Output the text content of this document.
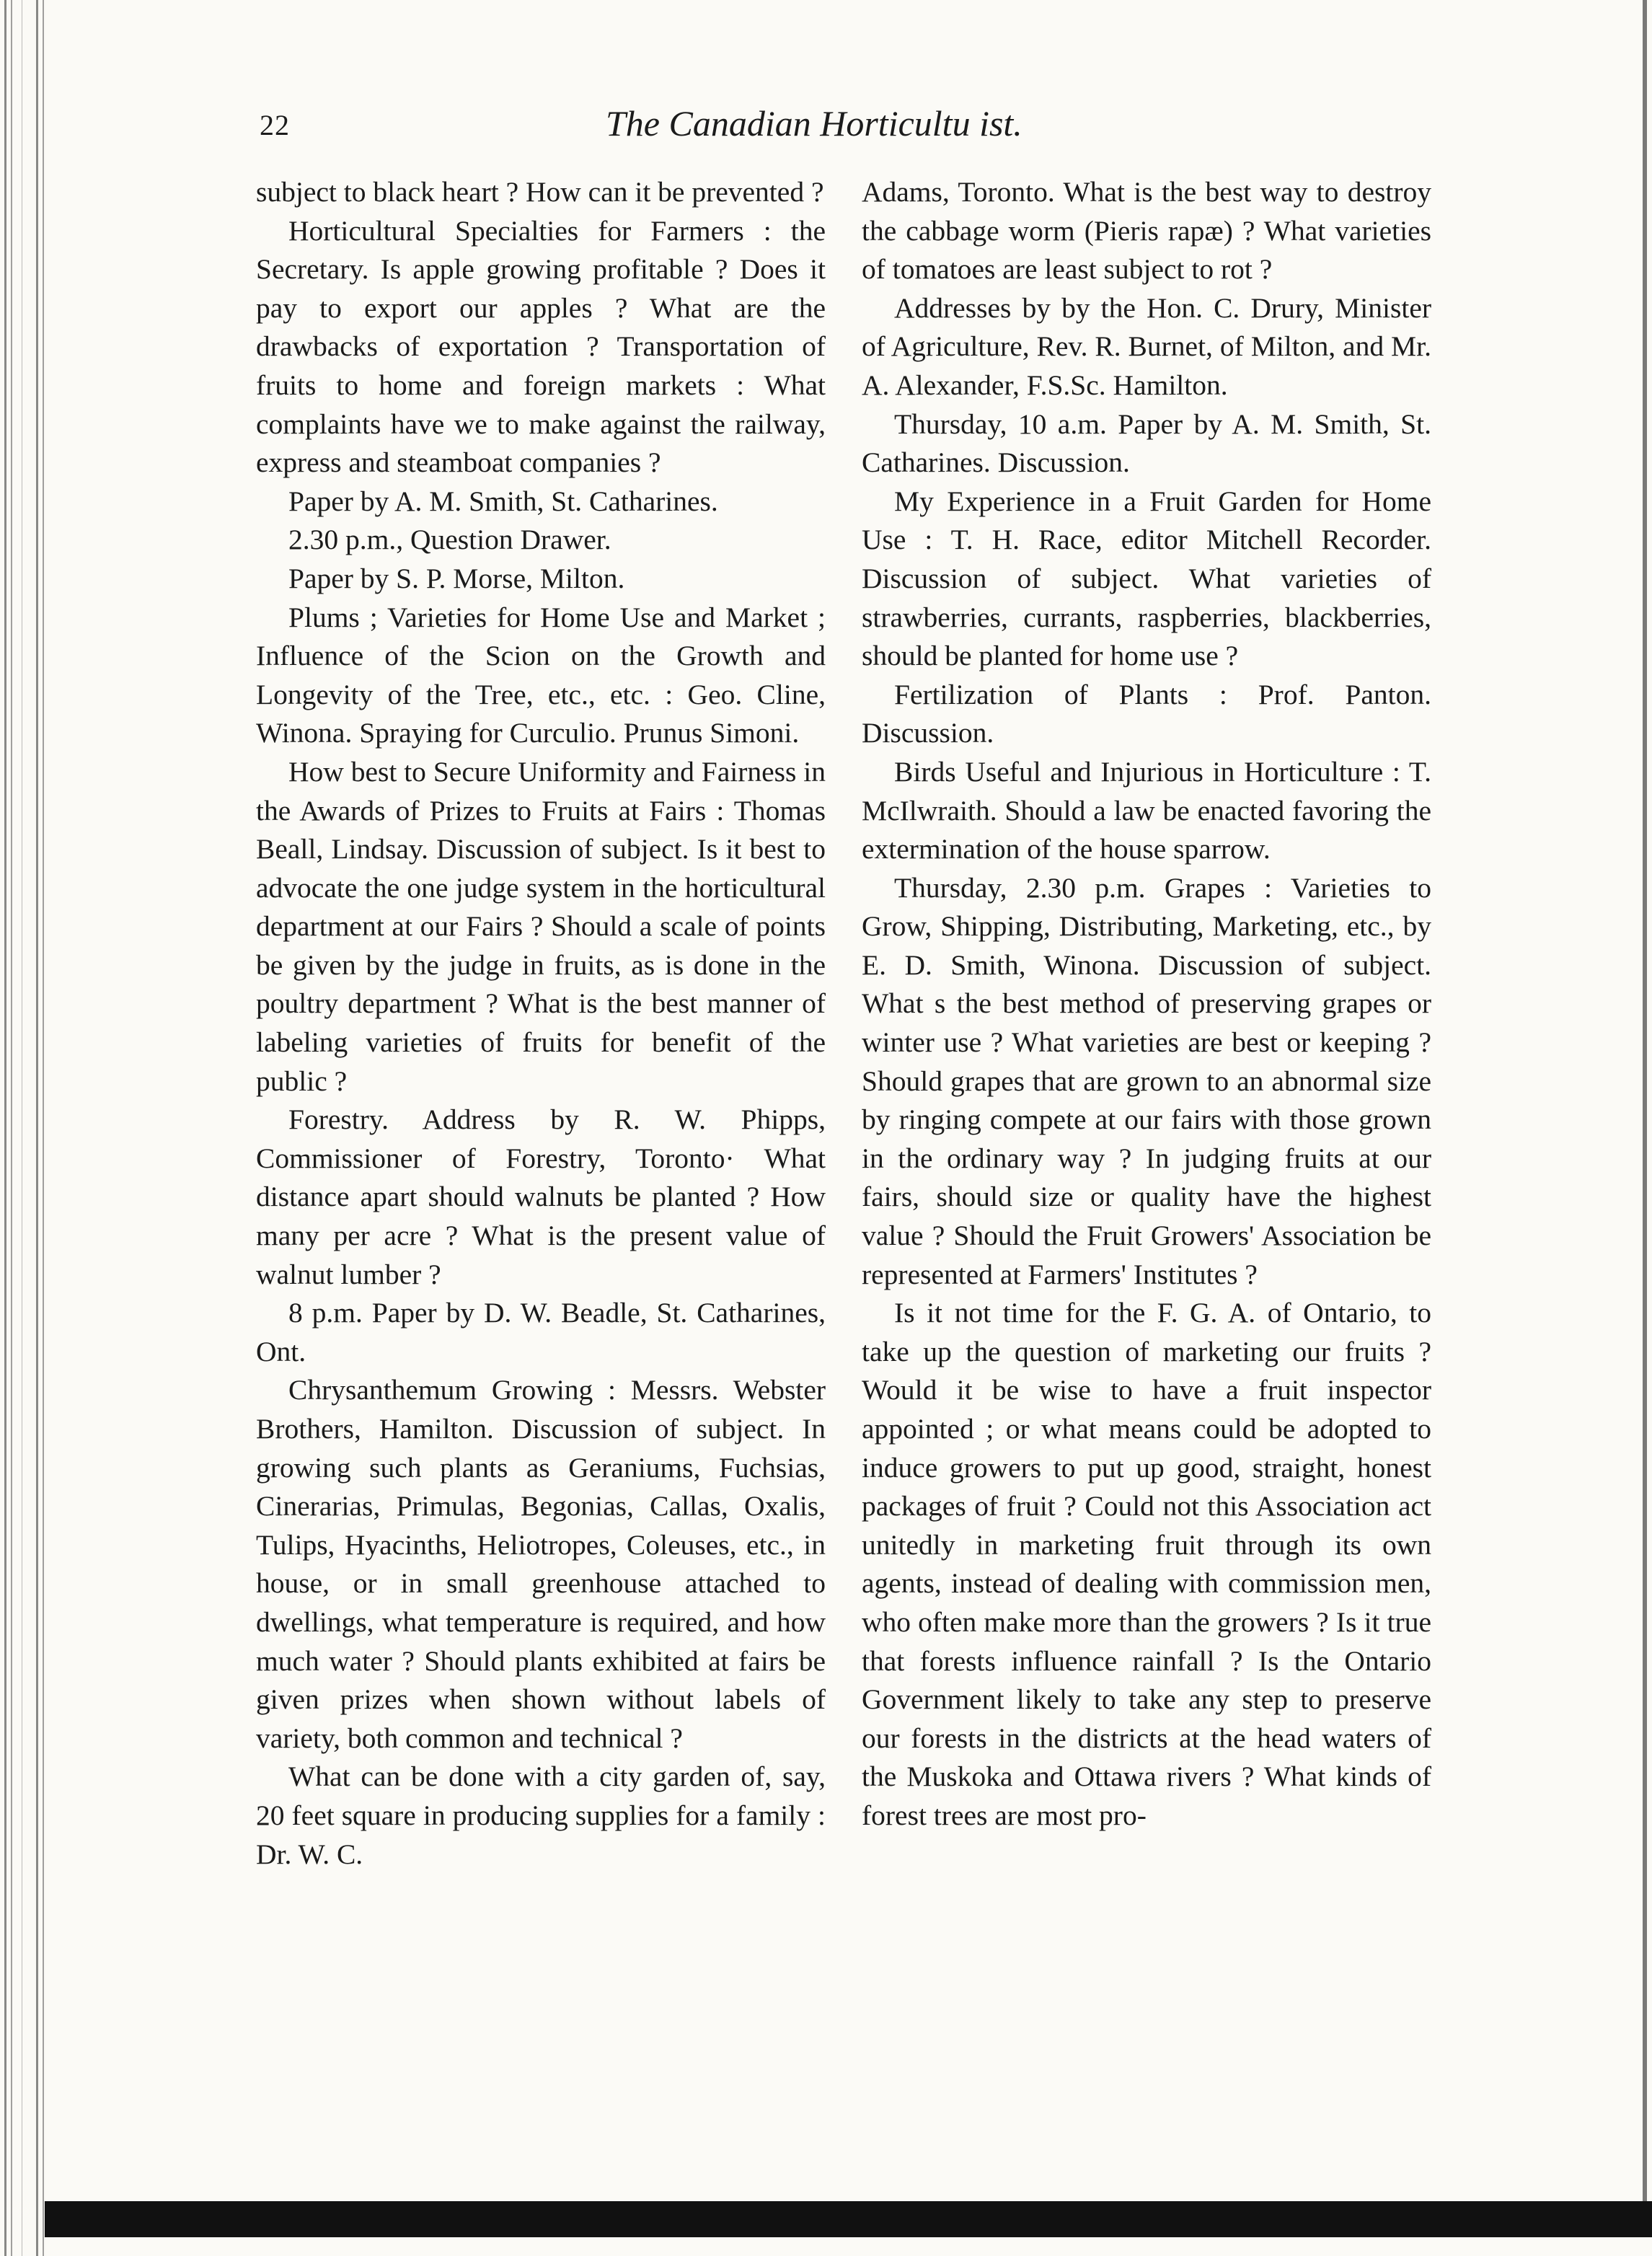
22	The Canadian Horticultu ist.

subject to black heart ? How can it be prevented ?

Horticultural Specialties for Farmers : the Secretary. Is apple growing profitable ? Does it pay to export our apples ? What are the drawbacks of exportation ? Transportation of fruits to home and foreign markets : What complaints have we to make against the railway, express and steamboat companies ?

Paper by A. M. Smith, St. Catharines.

2.30 p.m., Question Drawer.

Paper by S. P. Morse, Milton.

Plums ; Varieties for Home Use and Market ; Influence of the Scion on the Growth and Longevity of the Tree, etc., etc. : Geo. Cline, Winona. Spraying for Curculio. Prunus Simoni.

How best to Secure Uniformity and Fairness in the Awards of Prizes to Fruits at Fairs : Thomas Beall, Lindsay. Discussion of subject. Is it best to advocate the one judge system in the horticultural department at our Fairs ? Should a scale of points be given by the judge in fruits, as is done in the poultry department ? What is the best manner of labeling varieties of fruits for benefit of the public ?

Forestry. Address by R. W. Phipps, Commissioner of Forestry, Toronto· What distance apart should walnuts be planted ? How many per acre ? What is the present value of walnut lumber ?

8 p.m. Paper by D. W. Beadle, St. Catharines, Ont.

Chrysanthemum Growing : Messrs. Webster Brothers, Hamilton. Discussion of subject. In growing such plants as Geraniums, Fuchsias, Cinerarias, Primulas, Begonias, Callas, Oxalis, Tulips, Hyacinths, Heliotropes, Coleuses, etc., in house, or in small greenhouse attached to dwellings, what temperature is required, and how much water ? Should plants exhibited at fairs be given prizes when shown without labels of variety, both common and technical ?

What can be done with a city garden of, say, 20 feet square in producing supplies for a family : Dr. W. C.

Adams, Toronto. What is the best way to destroy the cabbage worm (Pieris rapæ) ? What varieties of tomatoes are least subject to rot ?

Addresses by by the Hon. C. Drury, Minister of Agriculture, Rev. R. Burnet, of Milton, and Mr. A. Alexander, F.S.Sc. Hamilton.

Thursday, 10 a.m. Paper by A. M. Smith, St. Catharines. Discussion.

My Experience in a Fruit Garden for Home Use : T. H. Race, editor Mitchell Recorder. Discussion of subject. What varieties of strawberries, currants, raspberries, blackberries, should be planted for home use ?

Fertilization of Plants : Prof. Panton. Discussion.

Birds Useful and Injurious in Horticulture : T. McIlwraith. Should a law be enacted favoring the extermination of the house sparrow.

Thursday, 2.30 p.m. Grapes : Varieties to Grow, Shipping, Distributing, Marketing, etc., by E. D. Smith, Winona. Discussion of subject. What s the best method of preserving grapes or winter use ? What varieties are best or keeping ? Should grapes that are grown to an abnormal size by ringing compete at our fairs with those grown in the ordinary way ? In judging fruits at our fairs, should size or quality have the highest value ? Should the Fruit Growers' Association be represented at Farmers' Institutes ?

Is it not time for the F. G. A. of Ontario, to take up the question of marketing our fruits ? Would it be wise to have a fruit inspector appointed ; or what means could be adopted to induce growers to put up good, straight, honest packages of fruit ? Could not this Association act unitedly in marketing fruit through its own agents, instead of dealing with commission men, who often make more than the growers ? Is it true that forests influence rainfall ? Is the Ontario Government likely to take any step to preserve our forests in the districts at the head waters of the Muskoka and Ottawa rivers ? What kinds of forest trees are most pro-
